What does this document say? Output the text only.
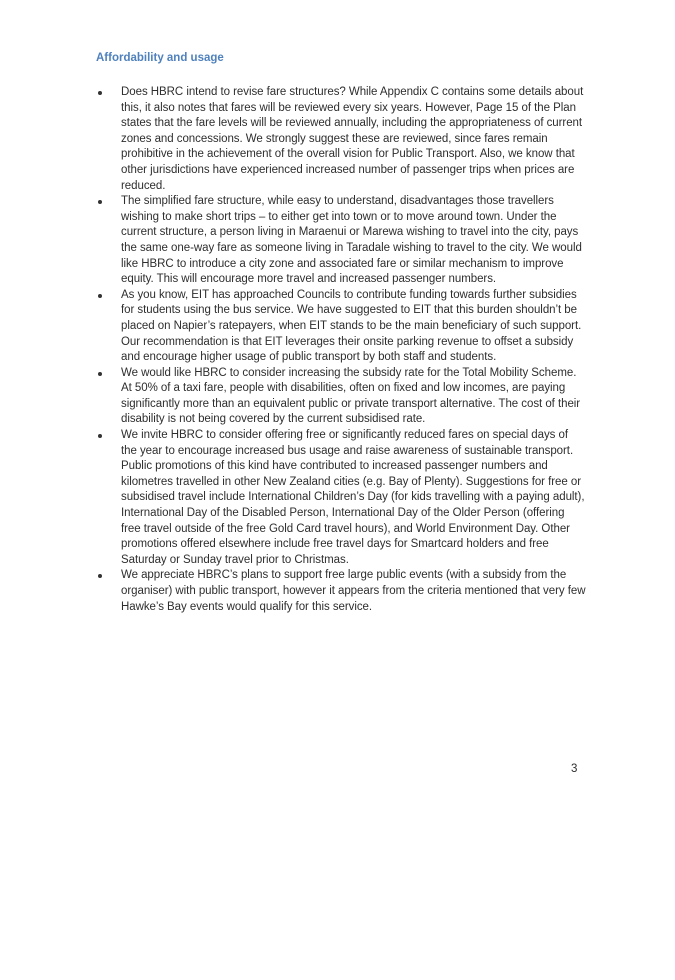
Affordability and usage
Does HBRC intend to revise fare structures? While Appendix C contains some details about this, it also notes that fares will be reviewed every six years. However, Page 15 of the Plan states that the fare levels will be reviewed annually, including the appropriateness of current zones and concessions. We strongly suggest these are reviewed, since fares remain prohibitive in the achievement of the overall vision for Public Transport. Also, we know that other jurisdictions have experienced increased number of passenger trips when prices are reduced.
The simplified fare structure, while easy to understand, disadvantages those travellers wishing to make short trips – to either get into town or to move around town. Under the current structure, a person living in Maraenui or Marewa wishing to travel into the city, pays the same one-way fare as someone living in Taradale wishing to travel to the city. We would like HBRC to introduce a city zone and associated fare or similar mechanism to improve equity. This will encourage more travel and increased passenger numbers.
As you know, EIT has approached Councils to contribute funding towards further subsidies for students using the bus service. We have suggested to EIT that this burden shouldn’t be placed on Napier’s ratepayers, when EIT stands to be the main beneficiary of such support. Our recommendation is that EIT leverages their onsite parking revenue to offset a subsidy and encourage higher usage of public transport by both staff and students.
We would like HBRC to consider increasing the subsidy rate for the Total Mobility Scheme. At 50% of a taxi fare, people with disabilities, often on fixed and low incomes, are paying significantly more than an equivalent public or private transport alternative. The cost of their disability is not being covered by the current subsidised rate.
We invite HBRC to consider offering free or significantly reduced fares on special days of the year to encourage increased bus usage and raise awareness of sustainable transport. Public promotions of this kind have contributed to increased passenger numbers and kilometres travelled in other New Zealand cities (e.g. Bay of Plenty). Suggestions for free or subsidised travel include International Children’s Day (for kids travelling with a paying adult), International Day of the Disabled Person, International Day of the Older Person (offering free travel outside of the free Gold Card travel hours), and World Environment Day. Other promotions offered elsewhere include free travel days for Smartcard holders and free Saturday or Sunday travel prior to Christmas.
We appreciate HBRC’s plans to support free large public events (with a subsidy from the organiser) with public transport, however it appears from the criteria mentioned that very few Hawke’s Bay events would qualify for this service.
3
